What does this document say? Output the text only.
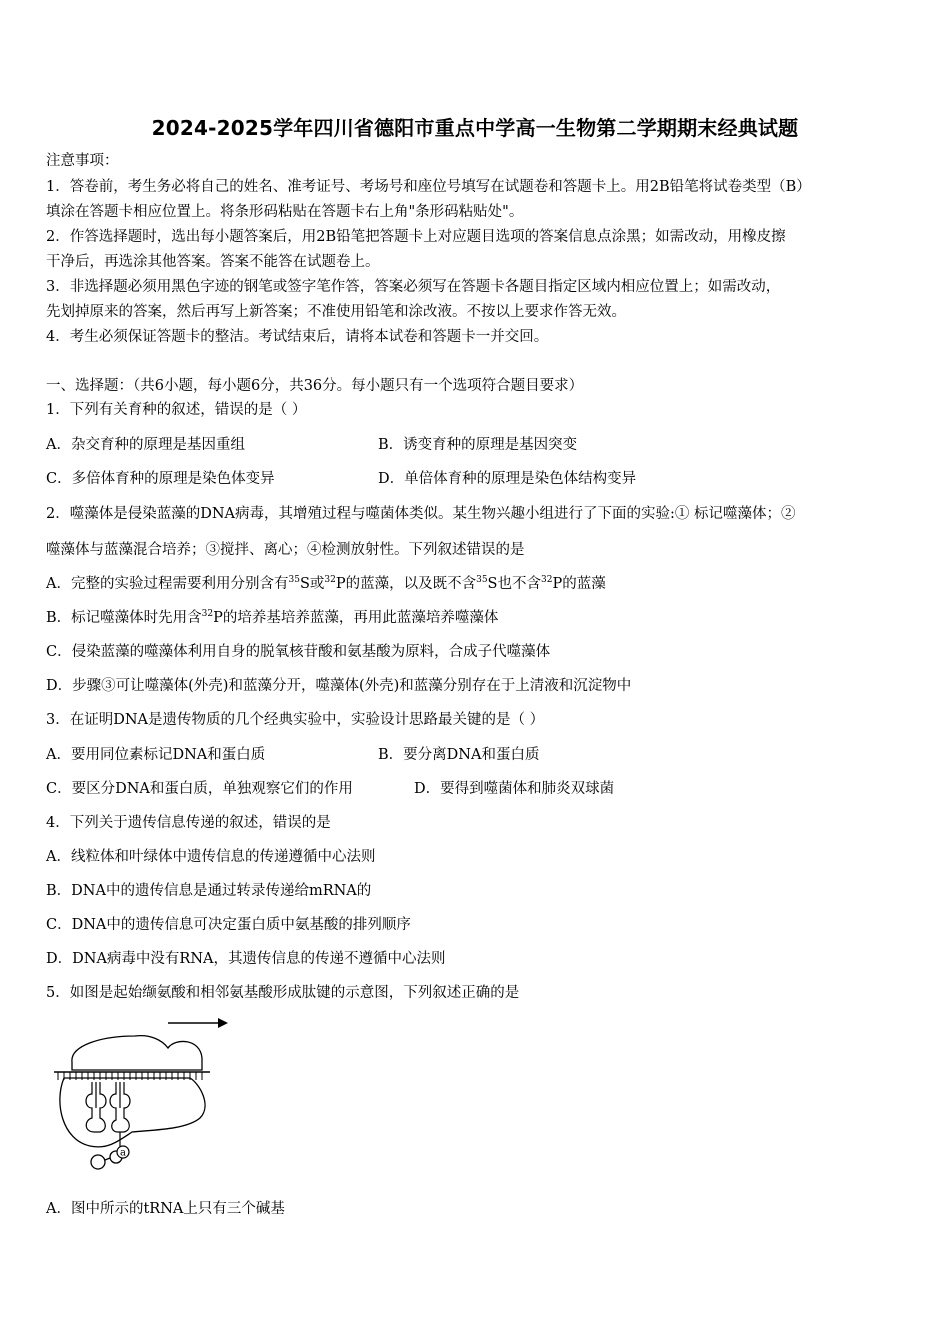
2024-2025学年四川省德阳市重点中学高一生物第二学期期末经典试题
注意事项：
1．答卷前，考生务必将自己的姓名、准考证号、考场号和座位号填写在试题卷和答题卡上。用2B铅笔将试卷类型（B）
填涂在答题卡相应位置上。将条形码粘贴在答题卡右上角"条形码粘贴处"。
2．作答选择题时，选出每小题答案后，用2B铅笔把答题卡上对应题目选项的答案信息点涂黑；如需改动，用橡皮擦
干净后，再选涂其他答案。答案不能答在试题卷上。
3．非选择题必须用黑色字迹的钢笔或签字笔作答，答案必须写在答题卡各题目指定区域内相应位置上；如需改动，
先划掉原来的答案，然后再写上新答案；不准使用铅笔和涂改液。不按以上要求作答无效。
4．考生必须保证答题卡的整洁。考试结束后，请将本试卷和答题卡一并交回。
一、选择题：（共6小题，每小题6分，共36分。每小题只有一个选项符合题目要求）
1．下列有关育种的叙述，错误的是（ ）
A．杂交育种的原理是基因重组	B．诱变育种的原理是基因突变
C．多倍体育种的原理是染色体变异	D．单倍体育种的原理是染色体结构变异
2．噬藻体是侵染蓝藻的DNA病毒，其增殖过程与噬菌体类似。某生物兴趣小组进行了下面的实验:① 标记噬藻体；②
噬藻体与蓝藻混合培养；③搅拌、离心；④检测放射性。下列叙述错误的是
A．完整的实验过程需要利用分别含有$^{35}$S或$^{32}$P的蓝藻，以及既不含$^{35}$S也不含$^{32}$P的蓝藻
B．标记噬藻体时先用含$^{32}$P的培养基培养蓝藻，再用此蓝藻培养噬藻体
C．侵染蓝藻的噬藻体利用自身的脱氧核苷酸和氨基酸为原料，合成子代噬藻体
D．步骤③可让噬藻体(外壳)和蓝藻分开，噬藻体(外壳)和蓝藻分别存在于上清液和沉淀物中
3．在证明DNA是遗传物质的几个经典实验中，实验设计思路最关键的是（ ）
A．要用同位素标记DNA和蛋白质	B．要分离DNA和蛋白质
C．要区分DNA和蛋白质，单独观察它们的作用	D．要得到噬菌体和肺炎双球菌
4．下列关于遗传信息传递的叙述，错误的是
A．线粒体和叶绿体中遗传信息的传递遵循中心法则
B．DNA中的遗传信息是通过转录传递给mRNA的
C．DNA中的遗传信息可决定蛋白质中氨基酸的排列顺序
D．DNA病毒中没有RNA，其遗传信息的传递不遵循中心法则
5．如图是起始缬氨酸和相邻氨基酸形成肽键的示意图，下列叙述正确的是
a
A．图中所示的tRNA上只有三个碱基
